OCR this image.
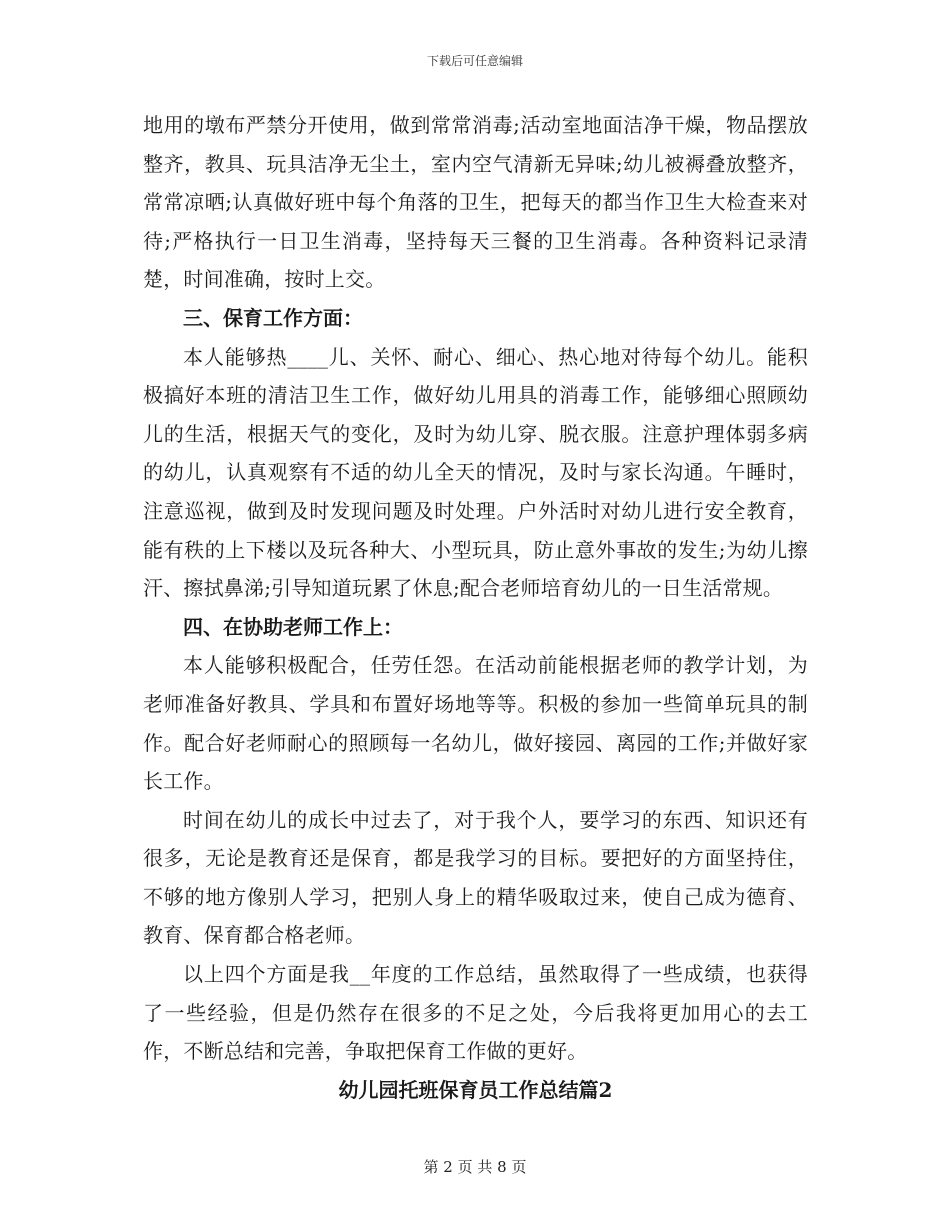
下载后可任意编辑

地用的墩布严禁分开使用，做到常常消毒;活动室地面洁净干燥，物品摆放整齐，教具、玩具洁净无尘土，室内空气清新无异味;幼儿被褥叠放整齐，常常凉晒;认真做好班中每个角落的卫生，把每天的都当作卫生大检查来对待;严格执行一日卫生消毒，坚持每天三餐的卫生消毒。各种资料记录清楚，时间准确，按时上交。

三、保育工作方面：

本人能够热____儿、关怀、耐心、细心、热心地对待每个幼儿。能积极搞好本班的清洁卫生工作，做好幼儿用具的消毒工作，能够细心照顾幼儿的生活，根据天气的变化，及时为幼儿穿、脱衣服。注意护理体弱多病的幼儿，认真观察有不适的幼儿全天的情况，及时与家长沟通。午睡时，注意巡视，做到及时发现问题及时处理。户外活时对幼儿进行安全教育，能有秩的上下楼以及玩各种大、小型玩具，防止意外事故的发生;为幼儿擦汗、擦拭鼻涕;引导知道玩累了休息;配合老师培育幼儿的一日生活常规。

四、在协助老师工作上：

本人能够积极配合，任劳任怨。在活动前能根据老师的教学计划，为老师准备好教具、学具和布置好场地等等。积极的参加一些简单玩具的制作。配合好老师耐心的照顾每一名幼儿，做好接园、离园的工作;并做好家长工作。

时间在幼儿的成长中过去了，对于我个人，要学习的东西、知识还有很多，无论是教育还是保育，都是我学习的目标。要把好的方面坚持住，不够的地方像别人学习，把别人身上的精华吸取过来，使自己成为德育、教育、保育都合格老师。

以上四个方面是我__年度的工作总结，虽然取得了一些成绩，也获得了一些经验，但是仍然存在很多的不足之处，今后我将更加用心的去工作，不断总结和完善，争取把保育工作做的更好。

幼儿园托班保育员工作总结篇2

第 2 页 共 8 页
